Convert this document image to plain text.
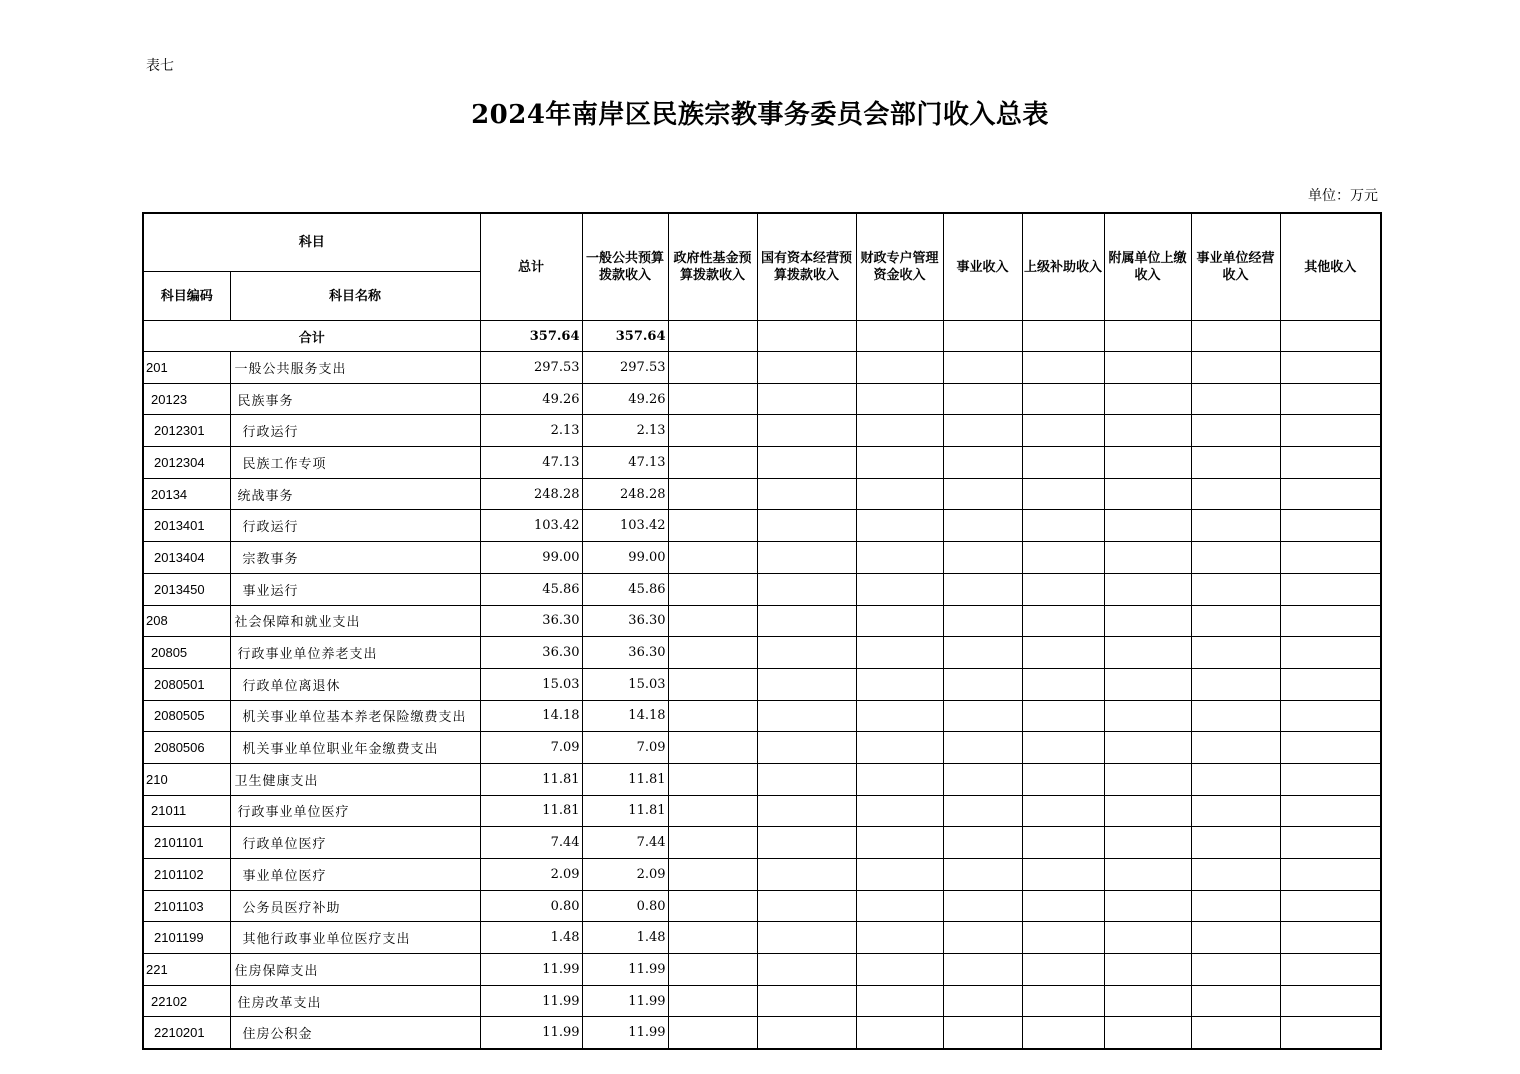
表七
2024年南岸区民族宗教事务委员会部门收入总表
单位：万元
科目		总计	一般公共预算拨款收入	政府性基金预算拨款收入	国有资本经营预算拨款收入	财政专户管理资金收入	事业收入	上级补助收入	附属单位上缴收入	事业单位经营收入	其他收入
科目编码	科目名称										
合计		357.64	357.64								
201	一般公共服务支出	297.53	297.53								
20123	民族事务	49.26	49.26								
2012301	行政运行	2.13	2.13								
2012304	民族工作专项	47.13	47.13								
20134	统战事务	248.28	248.28								
2013401	行政运行	103.42	103.42								
2013404	宗教事务	99.00	99.00								
2013450	事业运行	45.86	45.86								
208	社会保障和就业支出	36.30	36.30								
20805	行政事业单位养老支出	36.30	36.30								
2080501	行政单位离退休	15.03	15.03								
2080505	机关事业单位基本养老保险缴费支出	14.18	14.18								
2080506	机关事业单位职业年金缴费支出	7.09	7.09								
210	卫生健康支出	11.81	11.81								
21011	行政事业单位医疗	11.81	11.81								
2101101	行政单位医疗	7.44	7.44								
2101102	事业单位医疗	2.09	2.09								
2101103	公务员医疗补助	0.80	0.80								
2101199	其他行政事业单位医疗支出	1.48	1.48								
221	住房保障支出	11.99	11.99								
22102	住房改革支出	11.99	11.99								
2210201	住房公积金	11.99	11.99								
